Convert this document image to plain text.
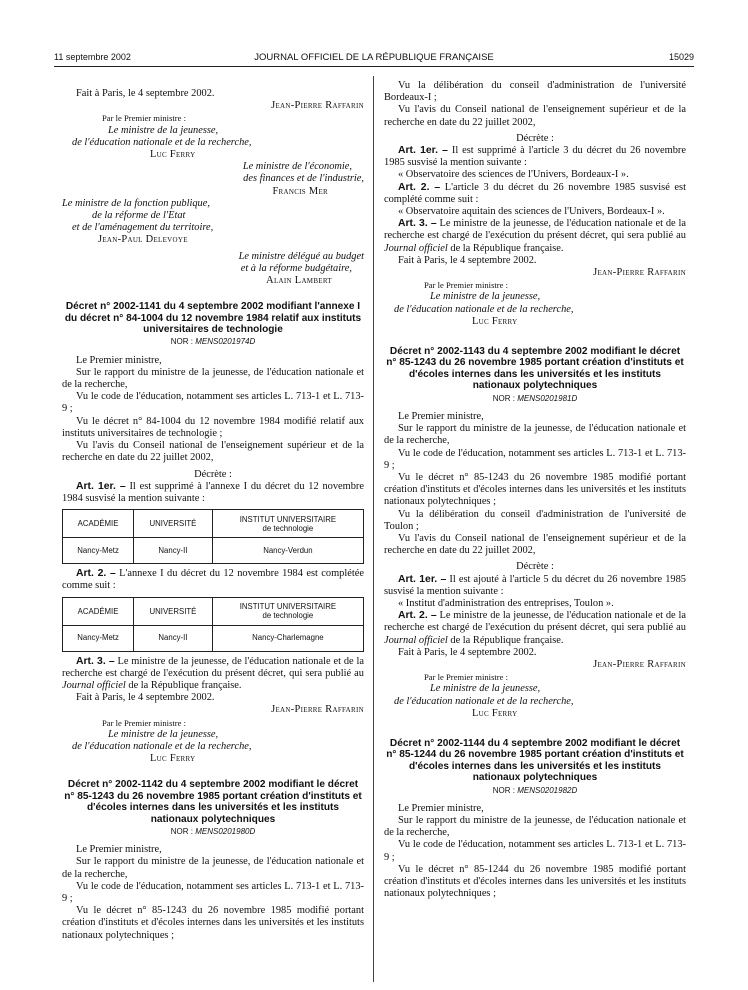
11 septembre 2002	JOURNAL OFFICIEL DE LA RÉPUBLIQUE FRANÇAISE	15029

Fait à Paris, le 4 septembre 2002.

Jean-Pierre Raffarin

Par le Premier ministre :

Le ministre de la jeunesse,

de l'éducation nationale et de la recherche,

Luc Ferry

Le ministre de l'économie,

des finances et de l'industrie,

Francis Mer

Le ministre de la fonction publique,

de la réforme de l'Etat

et de l'aménagement du territoire,

Jean-Paul Delevoye

Le ministre délégué au budget

et à la réforme budgétaire,

Alain Lambert

Décret n° 2002-1141 du 4 septembre 2002 modifiant l'annexe I du décret n° 84-1004 du 12 novembre 1984 relatif aux instituts universitaires de technologie

NOR : MENS0201974D

Le Premier ministre,

Sur le rapport du ministre de la jeunesse, de l'éducation nationale et de la recherche,

Vu le code de l'éducation, notamment ses articles L. 713-1 et L. 713-9 ;

Vu le décret n° 84-1004 du 12 novembre 1984 modifié relatif aux instituts universitaires de technologie ;

Vu l'avis du Conseil national de l'enseignement supérieur et de la recherche en date du 22 juillet 2002,

Décrète :

Art. 1er. – Il est supprimé à l'annexe I du décret du 12 novembre 1984 susvisé la mention suivante :

ACADÉMIE	UNIVERSITÉ	INSTITUT UNIVERSITAIRE
de technologie
Nancy-Metz	Nancy-II	Nancy-Verdun

Art. 2. – L'annexe I du décret du 12 novembre 1984 est complétée comme suit :

ACADÉMIE	UNIVERSITÉ	INSTITUT UNIVERSITAIRE
de technologie
Nancy-Metz	Nancy-II	Nancy-Charlemagne

Art. 3. – Le ministre de la jeunesse, de l'éducation nationale et de la recherche est chargé de l'exécution du présent décret, qui sera publié au Journal officiel de la République française.

Fait à Paris, le 4 septembre 2002.

Jean-Pierre Raffarin

Par le Premier ministre :

Le ministre de la jeunesse,

de l'éducation nationale et de la recherche,

Luc Ferry

Décret n° 2002-1142 du 4 septembre 2002 modifiant le décret n° 85-1243 du 26 novembre 1985 portant création d'instituts et d'écoles internes dans les universités et les instituts nationaux polytechniques

NOR : MENS0201980D

Le Premier ministre,

Sur le rapport du ministre de la jeunesse, de l'éducation nationale et de la recherche,

Vu le code de l'éducation, notamment ses articles L. 713-1 et L. 713-9 ;

Vu le décret n° 85-1243 du 26 novembre 1985 modifié portant création d'instituts et d'écoles internes dans les universités et les instituts nationaux polytechniques ;

Vu la délibération du conseil d'administration de l'université Bordeaux-I ;

Vu l'avis du Conseil national de l'enseignement supérieur et de la recherche en date du 22 juillet 2002,

Décrète :

Art. 1er. – Il est supprimé à l'article 3 du décret du 26 novembre 1985 susvisé la mention suivante :

« Observatoire des sciences de l'Univers, Bordeaux-I ».

Art. 2. – L'article 3 du décret du 26 novembre 1985 susvisé est complété comme suit :

« Observatoire aquitain des sciences de l'Univers, Bordeaux-I ».

Art. 3. – Le ministre de la jeunesse, de l'éducation nationale et de la recherche est chargé de l'exécution du présent décret, qui sera publié au Journal officiel de la République française.

Fait à Paris, le 4 septembre 2002.

Jean-Pierre Raffarin

Par le Premier ministre :

Le ministre de la jeunesse,

de l'éducation nationale et de la recherche,

Luc Ferry

Décret n° 2002-1143 du 4 septembre 2002 modifiant le décret n° 85-1243 du 26 novembre 1985 portant création d'instituts et d'écoles internes dans les universités et les instituts nationaux polytechniques

NOR : MENS0201981D

Le Premier ministre,

Sur le rapport du ministre de la jeunesse, de l'éducation nationale et de la recherche,

Vu le code de l'éducation, notamment ses articles L. 713-1 et L. 713-9 ;

Vu le décret n° 85-1243 du 26 novembre 1985 modifié portant création d'instituts et d'écoles internes dans les universités et les instituts nationaux polytechniques ;

Vu la délibération du conseil d'administration de l'université de Toulon ;

Vu l'avis du Conseil national de l'enseignement supérieur et de la recherche en date du 22 juillet 2002,

Décrète :

Art. 1er. – Il est ajouté à l'article 5 du décret du 26 novembre 1985 susvisé la mention suivante :

« Institut d'administration des entreprises, Toulon ».

Art. 2. – Le ministre de la jeunesse, de l'éducation nationale et de la recherche est chargé de l'exécution du présent décret, qui sera publié au Journal officiel de la République française.

Fait à Paris, le 4 septembre 2002.

Jean-Pierre Raffarin

Par le Premier ministre :

Le ministre de la jeunesse,

de l'éducation nationale et de la recherche,

Luc Ferry

Décret n° 2002-1144 du 4 septembre 2002 modifiant le décret n° 85-1244 du 26 novembre 1985 portant création d'instituts et d'écoles internes dans les universités et les instituts nationaux polytechniques

NOR : MENS0201982D

Le Premier ministre,

Sur le rapport du ministre de la jeunesse, de l'éducation nationale et de la recherche,

Vu le code de l'éducation, notamment ses articles L. 713-1 et L. 713-9 ;

Vu le décret n° 85-1244 du 26 novembre 1985 modifié portant création d'instituts et d'écoles internes dans les universités et les instituts nationaux polytechniques ;
